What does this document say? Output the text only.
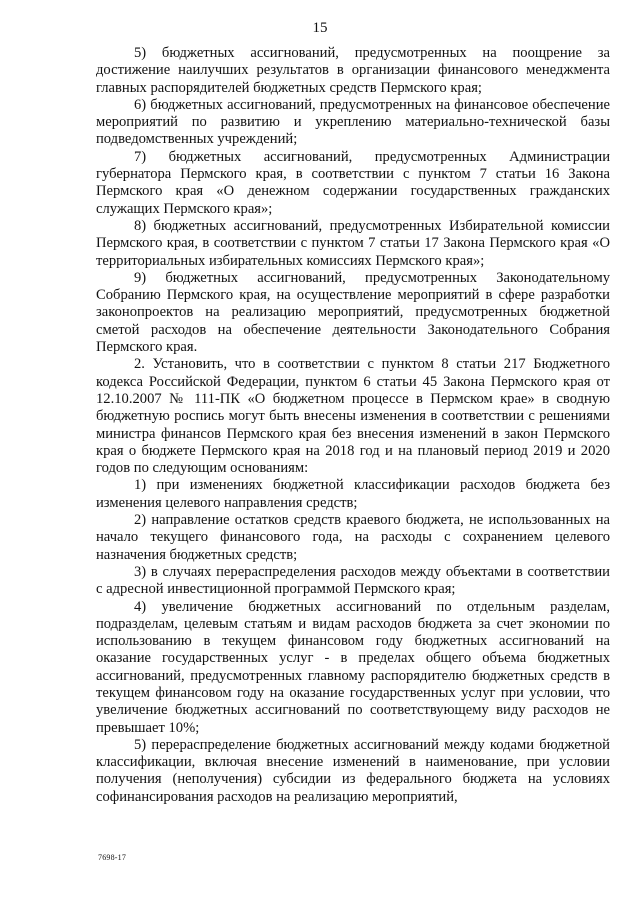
15

5) бюджетных ассигнований, предусмотренных на поощрение за достижение наилучших результатов в организации финансового менеджмента главных распорядителей бюджетных средств Пермского края;

6) бюджетных ассигнований, предусмотренных на финансовое обеспечение мероприятий по развитию и укреплению материально-технической базы подведомственных учреждений;

7) бюджетных ассигнований, предусмотренных Администрации губернатора Пермского края, в соответствии с пунктом 7 статьи 16 Закона Пермского края «О денежном содержании государственных гражданских служащих Пермского края»;

8) бюджетных ассигнований, предусмотренных Избирательной комиссии Пермского края, в соответствии с пунктом 7 статьи 17 Закона Пермского края «О территориальных избирательных комиссиях Пермского края»;

9) бюджетных ассигнований, предусмотренных Законодательному Собранию Пермского края, на осуществление мероприятий в сфере разработки законопроектов на реализацию мероприятий, предусмотренных бюджетной сметой расходов на обеспечение деятельности Законодательного Собрания Пермского края.

2. Установить, что в соответствии с пунктом 8 статьи 217 Бюджетного кодекса Российской Федерации, пунктом 6 статьи 45 Закона Пермского края от 12.10.2007 № 111-ПК «О бюджетном процессе в Пермском крае» в сводную бюджетную роспись могут быть внесены изменения в соответствии с решениями министра финансов Пермского края без внесения изменений в закон Пермского края о бюджете Пермского края на 2018 год и на плановый период 2019 и 2020 годов по следующим основаниям:

1) при изменениях бюджетной классификации расходов бюджета без изменения целевого направления средств;

2) направление остатков средств краевого бюджета, не использованных на начало текущего финансового года, на расходы с сохранением целевого назначения бюджетных средств;

3) в случаях перераспределения расходов между объектами в соответствии с адресной инвестиционной программой Пермского края;

4) увеличение бюджетных ассигнований по отдельным разделам, подразделам, целевым статьям и видам расходов бюджета за счет экономии по использованию в текущем финансовом году бюджетных ассигнований на оказание государственных услуг - в пределах общего объема бюджетных ассигнований, предусмотренных главному распорядителю бюджетных средств в текущем финансовом году на оказание государственных услуг при условии, что увеличение бюджетных ассигнований по соответствующему виду расходов не превышает 10%;

5) перераспределение бюджетных ассигнований между кодами бюджетной классификации, включая внесение изменений в наименование, при условии получения (неполучения) субсидии из федерального бюджета на условиях софинансирования расходов на реализацию мероприятий,

7698-17
